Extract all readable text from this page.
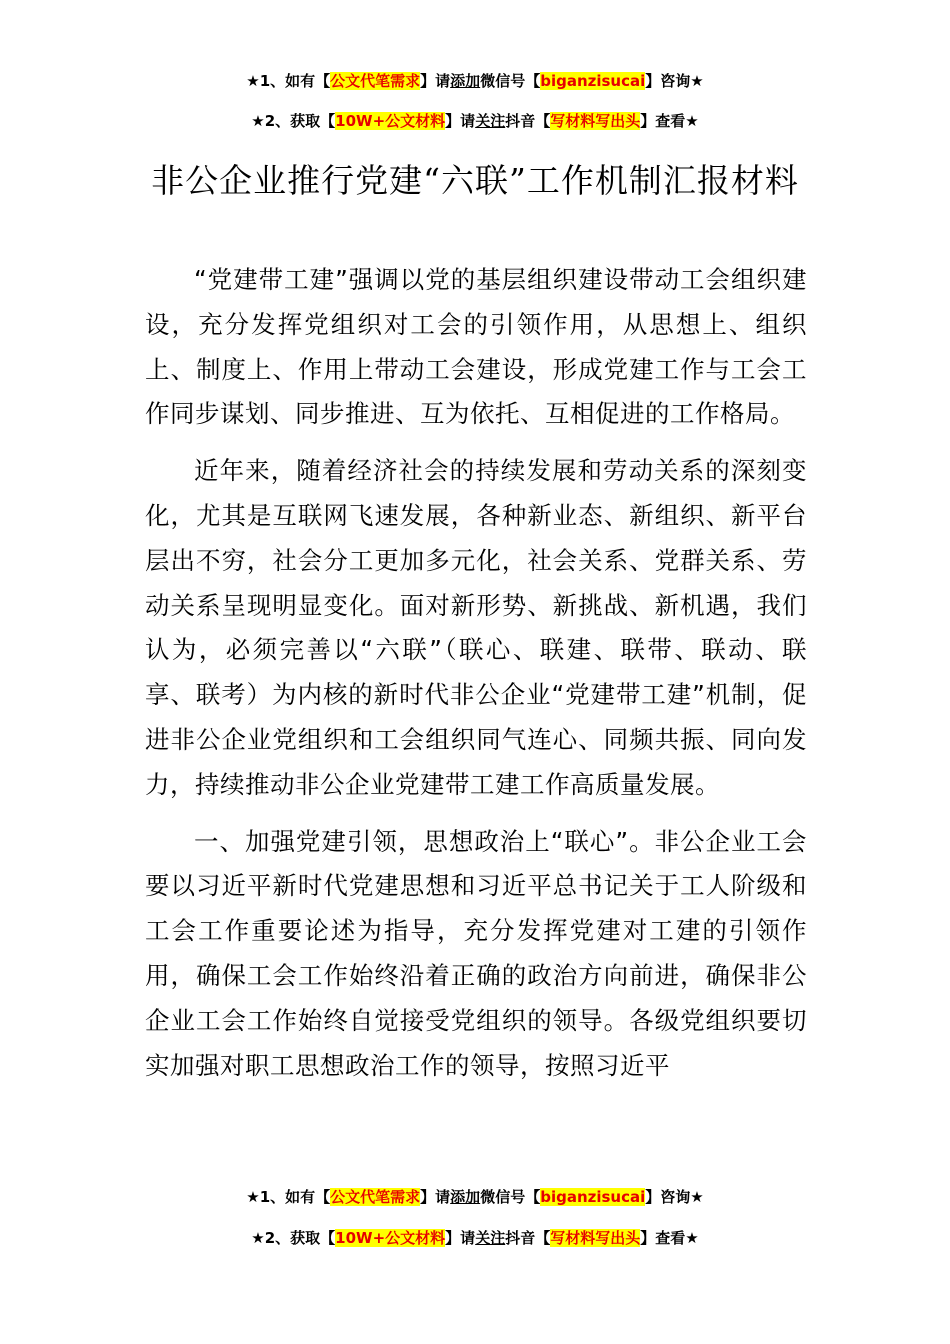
★1、如有【公文代笔需求】请添加微信号【biganzisucai】咨询★
★2、获取【10W+公文材料】请关注抖音【写材料写出头】查看★
非公企业推行党建“六联”工作机制汇报材料

“党建带工建”强调以党的基层组织建设带动工会组织建设，充分发挥党组织对工会的引领作用，从思想上、组织上、制度上、作用上带动工会建设，形成党建工作与工会工作同步谋划、同步推进、互为依托、互相促进的工作格局。

近年来，随着经济社会的持续发展和劳动关系的深刻变化，尤其是互联网飞速发展，各种新业态、新组织、新平台层出不穷，社会分工更加多元化，社会关系、党群关系、劳动关系呈现明显变化。面对新形势、新挑战、新机遇，我们认为，必须完善以“六联”（联心、联建、联带、联动、联享、联考）为内核的新时代非公企业“党建带工建”机制，促进非公企业党组织和工会组织同气连心、同频共振、同向发力，持续推动非公企业党建带工建工作高质量发展。

一、加强党建引领，思想政治上“联心”。非公企业工会要以习近平新时代党建思想和习近平总书记关于工人阶级和工会工作重要论述为指导，充分发挥党建对工建的引领作用，确保工会工作始终沿着正确的政治方向前进，确保非公企业工会工作始终自觉接受党组织的领导。各级党组织要切实加强对职工思想政治工作的领导，按照习近平

★1、如有【公文代笔需求】请添加微信号【biganzisucai】咨询★
★2、获取【10W+公文材料】请关注抖音【写材料写出头】查看★
